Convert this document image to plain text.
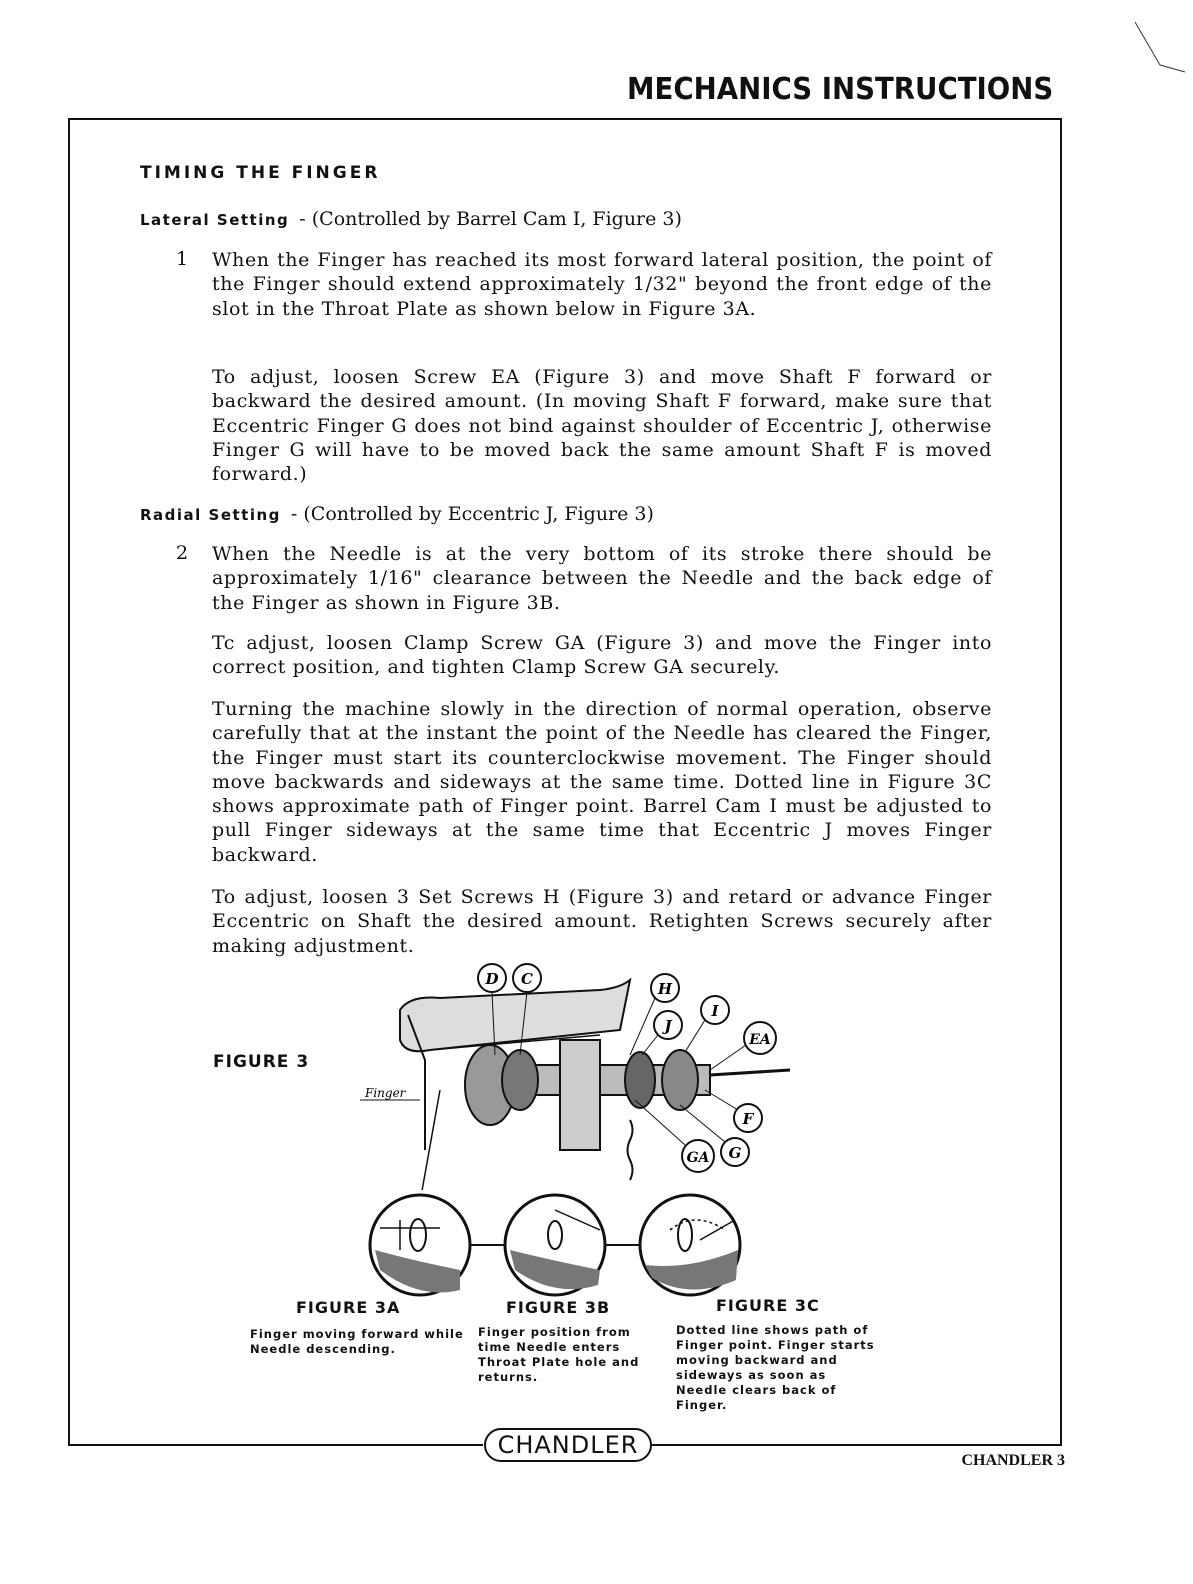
MECHANICS INSTRUCTIONS
TIMING THE FINGER
Lateral Setting - (Controlled by Barrel Cam I, Figure 3)
1 When the Finger has reached its most forward lateral position, the point of the Finger should extend approximately 1/32" beyond the front edge of the slot in the Throat Plate as shown below in Figure 3A.
To adjust, loosen Screw EA (Figure 3) and move Shaft F forward or backward the desired amount. (In moving Shaft F forward, make sure that Eccentric Finger G does not bind against shoulder of Eccentric J, otherwise Finger G will have to be moved back the same amount Shaft F is moved forward.)
Radial Setting - (Controlled by Eccentric J, Figure 3)
2 When the Needle is at the very bottom of its stroke there should be approximately 1/16" clearance between the Needle and the back edge of the Finger as shown in Figure 3B.
Tc adjust, loosen Clamp Screw GA (Figure 3) and move the Finger into correct position, and tighten Clamp Screw GA securely.
Turning the machine slowly in the direction of normal operation, observe carefully that at the instant the point of the Needle has cleared the Finger, the Finger must start its counterclockwise movement. The Finger should move backwards and sideways at the same time. Dotted line in Figure 3C shows approximate path of Finger point. Barrel Cam I must be adjusted to pull Finger sideways at the same time that Eccentric J moves Finger backward.
To adjust, loosen 3 Set Screws H (Figure 3) and retard or advance Finger Eccentric on Shaft the desired amount. Retighten Screws securely after making adjustment.
FIGURE 3
Finger
D C
H
J
I
EA
F
G
GA
FIGURE 3A	FIGURE 3B	FIGURE 3C
Finger moving forward while Needle descending.
Finger position from time Needle enters Throat Plate hole and returns.
Dotted line shows path of Finger point. Finger starts moving backward and sideways as soon as Needle clears back of Finger.
CHANDLER
CHANDLER 3
